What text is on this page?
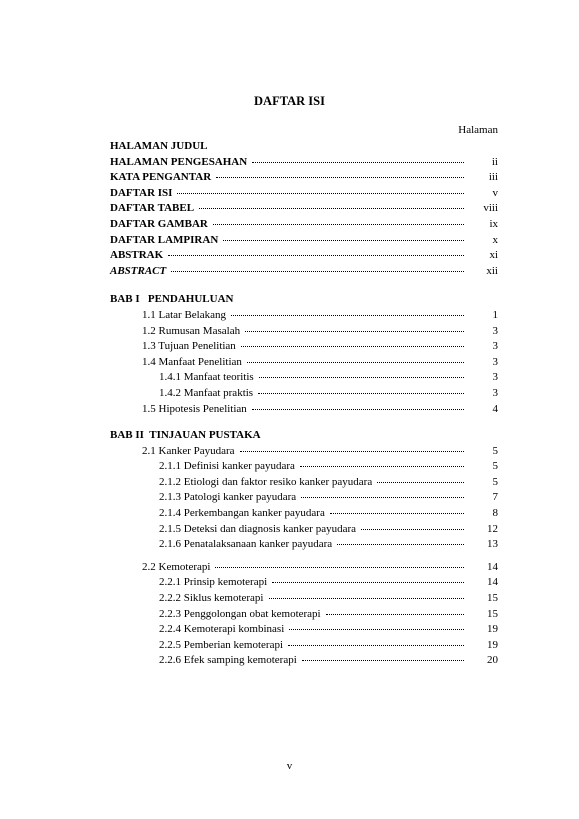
DAFTAR ISI
Halaman
HALAMAN JUDUL
HALAMAN PENGESAHAN	ii
KATA PENGANTAR	iii
DAFTAR ISI	v
DAFTAR TABEL	viii
DAFTAR GAMBAR	ix
DAFTAR LAMPIRAN	x
ABSTRAK	xi
ABSTRACT	xii
BAB I   PENDAHULUAN
1.1 Latar Belakang	1
1.2 Rumusan Masalah	3
1.3 Tujuan Penelitian	3
1.4 Manfaat Penelitian	3
1.4.1 Manfaat teoritis	3
1.4.2 Manfaat praktis	3
1.5 Hipotesis Penelitian	4
BAB II  TINJAUAN PUSTAKA
2.1 Kanker Payudara	5
2.1.1 Definisi kanker payudara	5
2.1.2 Etiologi dan faktor resiko kanker payudara	5
2.1.3 Patologi kanker payudara	7
2.1.4 Perkembangan kanker payudara	8
2.1.5 Deteksi dan diagnosis kanker payudara	12
2.1.6 Penatalaksanaan kanker payudara	13
2.2 Kemoterapi	14
2.2.1 Prinsip kemoterapi	14
2.2.2 Siklus kemoterapi	15
2.2.3 Penggolongan obat kemoterapi	15
2.2.4 Kemoterapi kombinasi	19
2.2.5 Pemberian kemoterapi	19
2.2.6 Efek samping kemoterapi	20
v
